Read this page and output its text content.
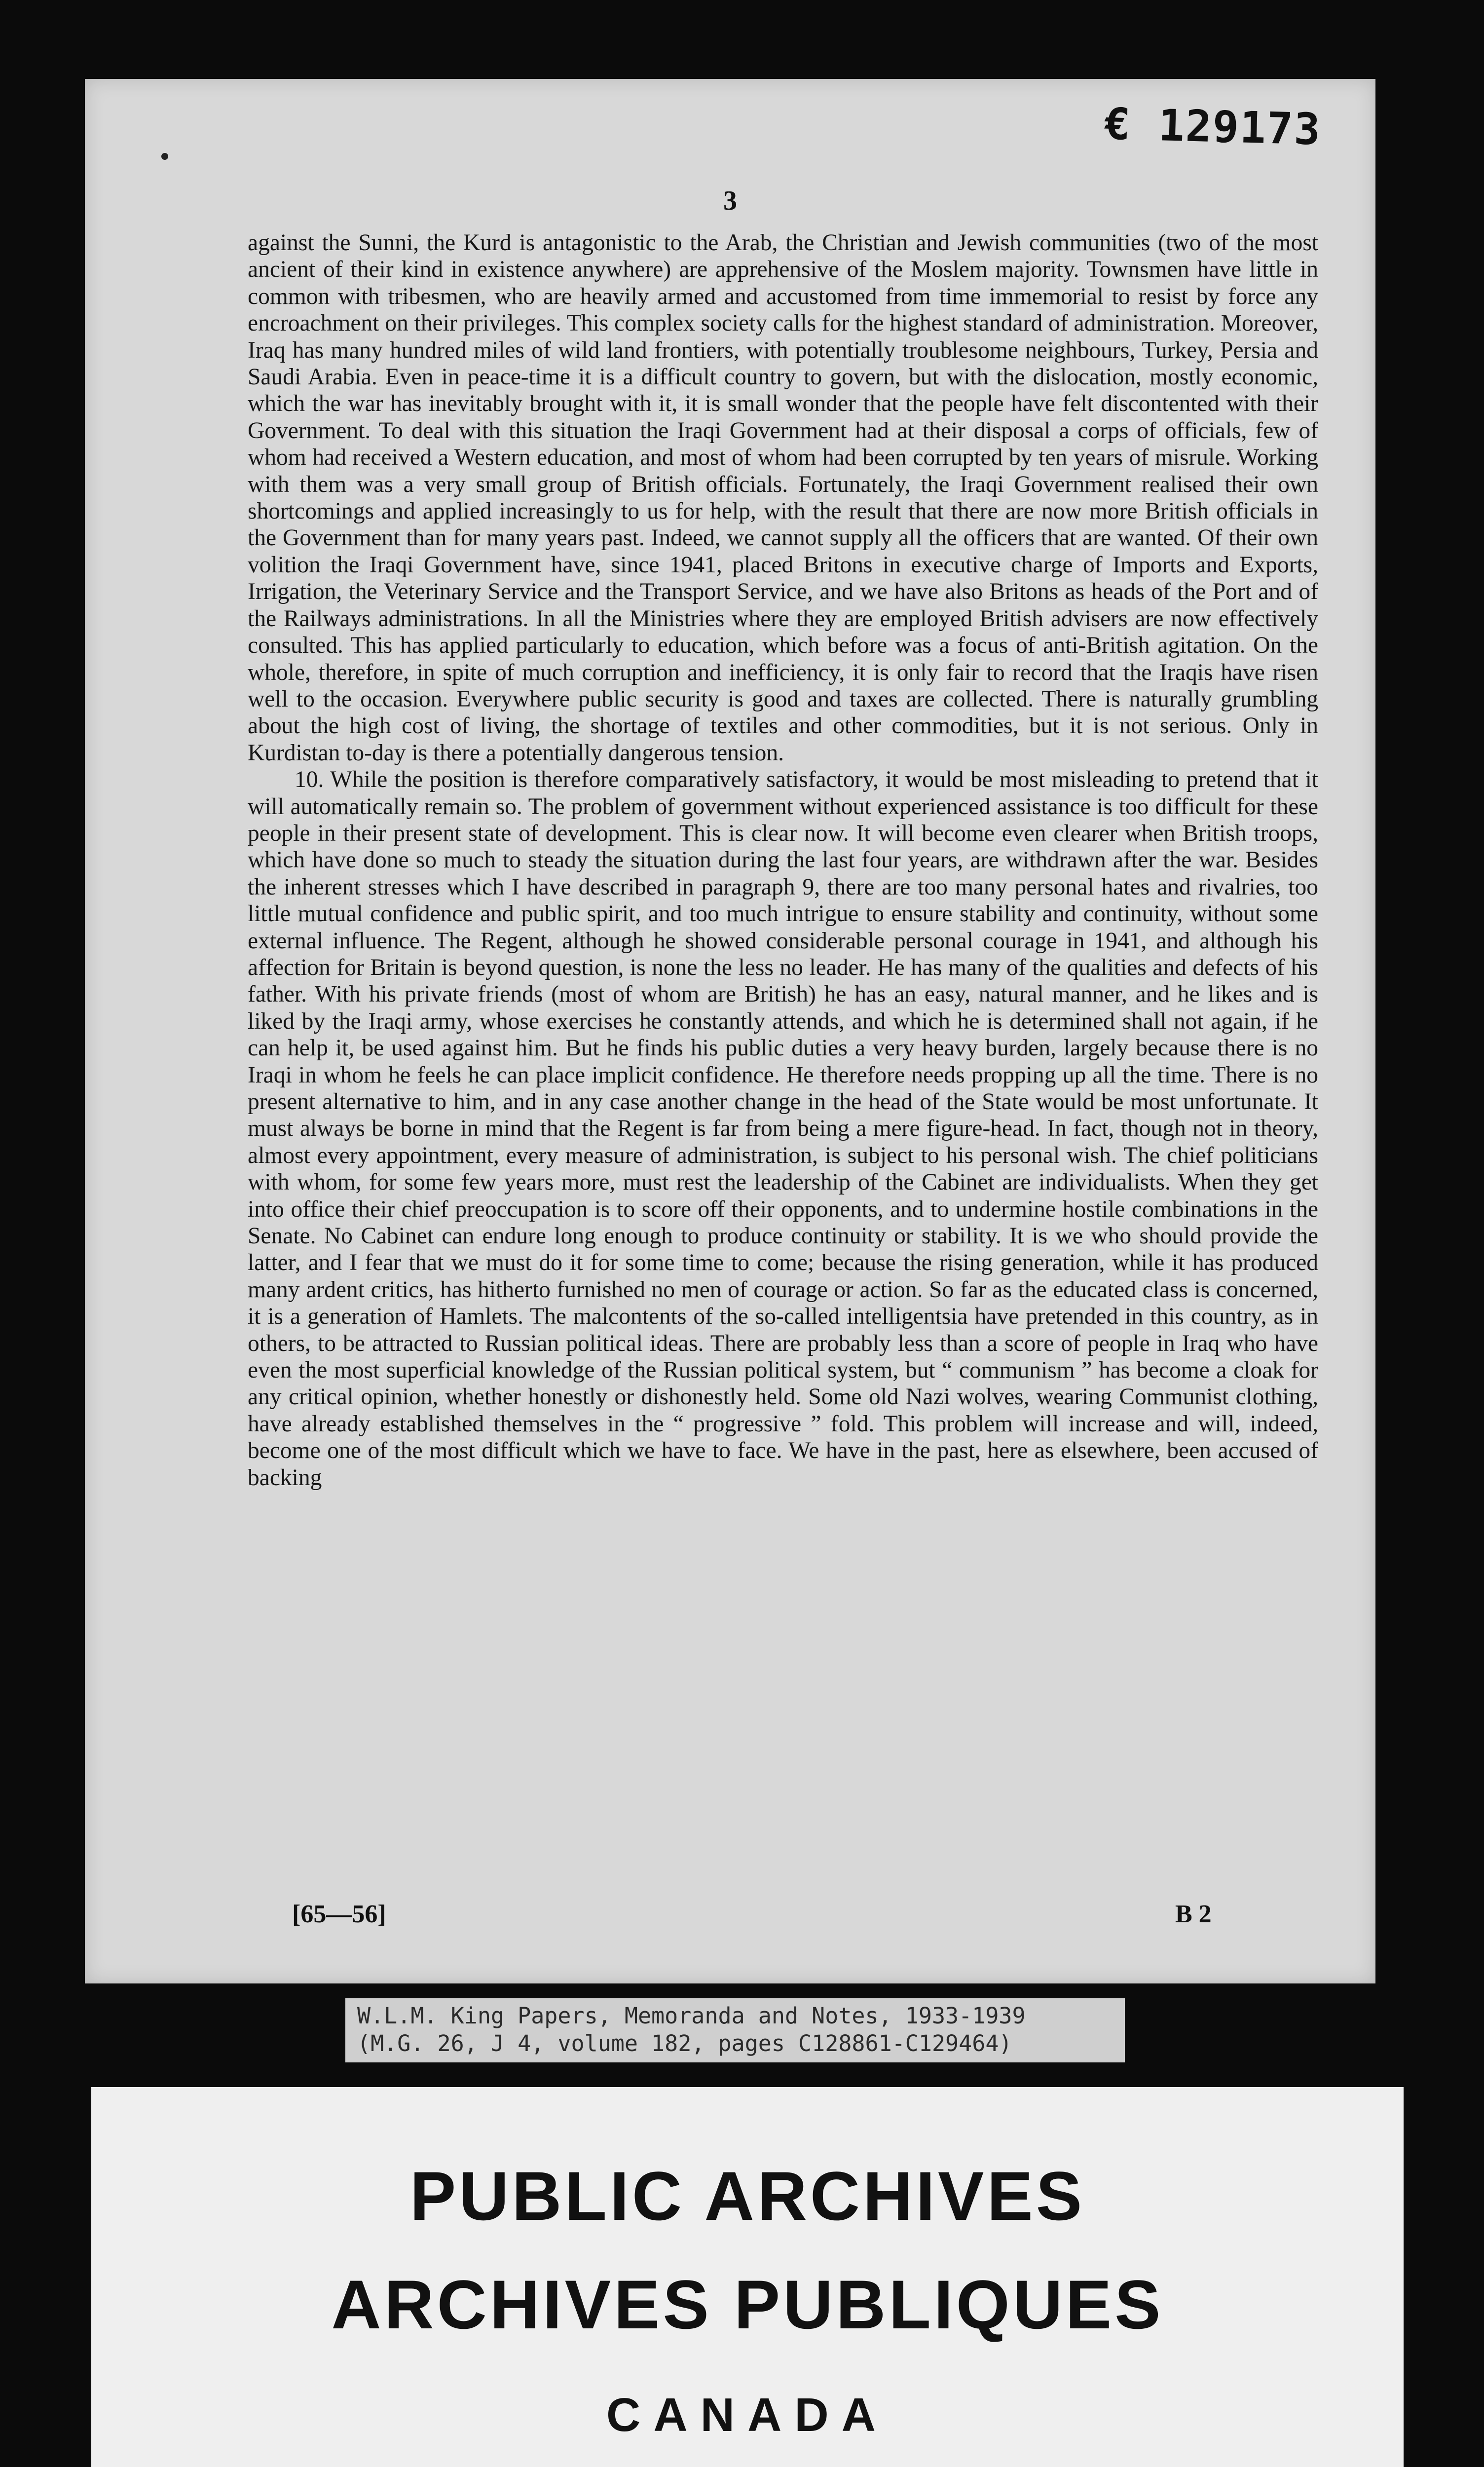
€ 129173
3

against the Sunni, the Kurd is antagonistic to the Arab, the Christian and Jewish communities (two of the most ancient of their kind in existence anywhere) are apprehensive of the Moslem majority. Townsmen have little in common with tribesmen, who are heavily armed and accustomed from time immemorial to resist by force any encroachment on their privileges. This complex society calls for the highest standard of administration. Moreover, Iraq has many hundred miles of wild land frontiers, with potentially troublesome neighbours, Turkey, Persia and Saudi Arabia. Even in peace-time it is a difficult country to govern, but with the dislocation, mostly economic, which the war has inevitably brought with it, it is small wonder that the people have felt discontented with their Government. To deal with this situation the Iraqi Government had at their disposal a corps of officials, few of whom had received a Western education, and most of whom had been corrupted by ten years of misrule. Working with them was a very small group of British officials. Fortunately, the Iraqi Government realised their own shortcomings and applied increasingly to us for help, with the result that there are now more British officials in the Government than for many years past. Indeed, we cannot supply all the officers that are wanted. Of their own volition the Iraqi Government have, since 1941, placed Britons in executive charge of Imports and Exports, Irrigation, the Veterinary Service and the Transport Service, and we have also Britons as heads of the Port and of the Railways administrations. In all the Ministries where they are employed British advisers are now effectively consulted. This has applied particularly to education, which before was a focus of anti-British agitation. On the whole, therefore, in spite of much corruption and inefficiency, it is only fair to record that the Iraqis have risen well to the occasion. Everywhere public security is good and taxes are collected. There is naturally grumbling about the high cost of living, the shortage of textiles and other commodities, but it is not serious. Only in Kurdistan to-day is there a potentially dangerous tension.

10. While the position is therefore comparatively satisfactory, it would be most misleading to pretend that it will automatically remain so. The problem of government without experienced assistance is too difficult for these people in their present state of development. This is clear now. It will become even clearer when British troops, which have done so much to steady the situation during the last four years, are withdrawn after the war. Besides the inherent stresses which I have described in paragraph 9, there are too many personal hates and rivalries, too little mutual confidence and public spirit, and too much intrigue to ensure stability and continuity, without some external influence. The Regent, although he showed considerable personal courage in 1941, and although his affection for Britain is beyond question, is none the less no leader. He has many of the qualities and defects of his father. With his private friends (most of whom are British) he has an easy, natural manner, and he likes and is liked by the Iraqi army, whose exercises he constantly attends, and which he is determined shall not again, if he can help it, be used against him. But he finds his public duties a very heavy burden, largely because there is no Iraqi in whom he feels he can place implicit confidence. He therefore needs propping up all the time. There is no present alternative to him, and in any case another change in the head of the State would be most unfortunate. It must always be borne in mind that the Regent is far from being a mere figure-head. In fact, though not in theory, almost every appointment, every measure of administration, is subject to his personal wish. The chief politicians with whom, for some few years more, must rest the leadership of the Cabinet are individualists. When they get into office their chief preoccupation is to score off their opponents, and to undermine hostile combinations in the Senate. No Cabinet can endure long enough to produce continuity or stability. It is we who should provide the latter, and I fear that we must do it for some time to come; because the rising generation, while it has produced many ardent critics, has hitherto furnished no men of courage or action. So far as the educated class is concerned, it is a generation of Hamlets. The malcontents of the so-called intelligentsia have pretended in this country, as in others, to be attracted to Russian political ideas. There are probably less than a score of people in Iraq who have even the most superficial knowledge of the Russian political system, but “ communism ” has become a cloak for any critical opinion, whether honestly or dishonestly held. Some old Nazi wolves, wearing Communist clothing, have already established themselves in the “ progressive ” fold. This problem will increase and will, indeed, become one of the most difficult which we have to face. We have in the past, here as elsewhere, been accused of backing

[65—56]	B 2
W.L.M. King Papers, Memoranda and Notes, 1933-1939
(M.G. 26, J 4, volume 182, pages C128861-C129464)
PUBLIC ARCHIVES
ARCHIVES PUBLIQUES
CANADA
